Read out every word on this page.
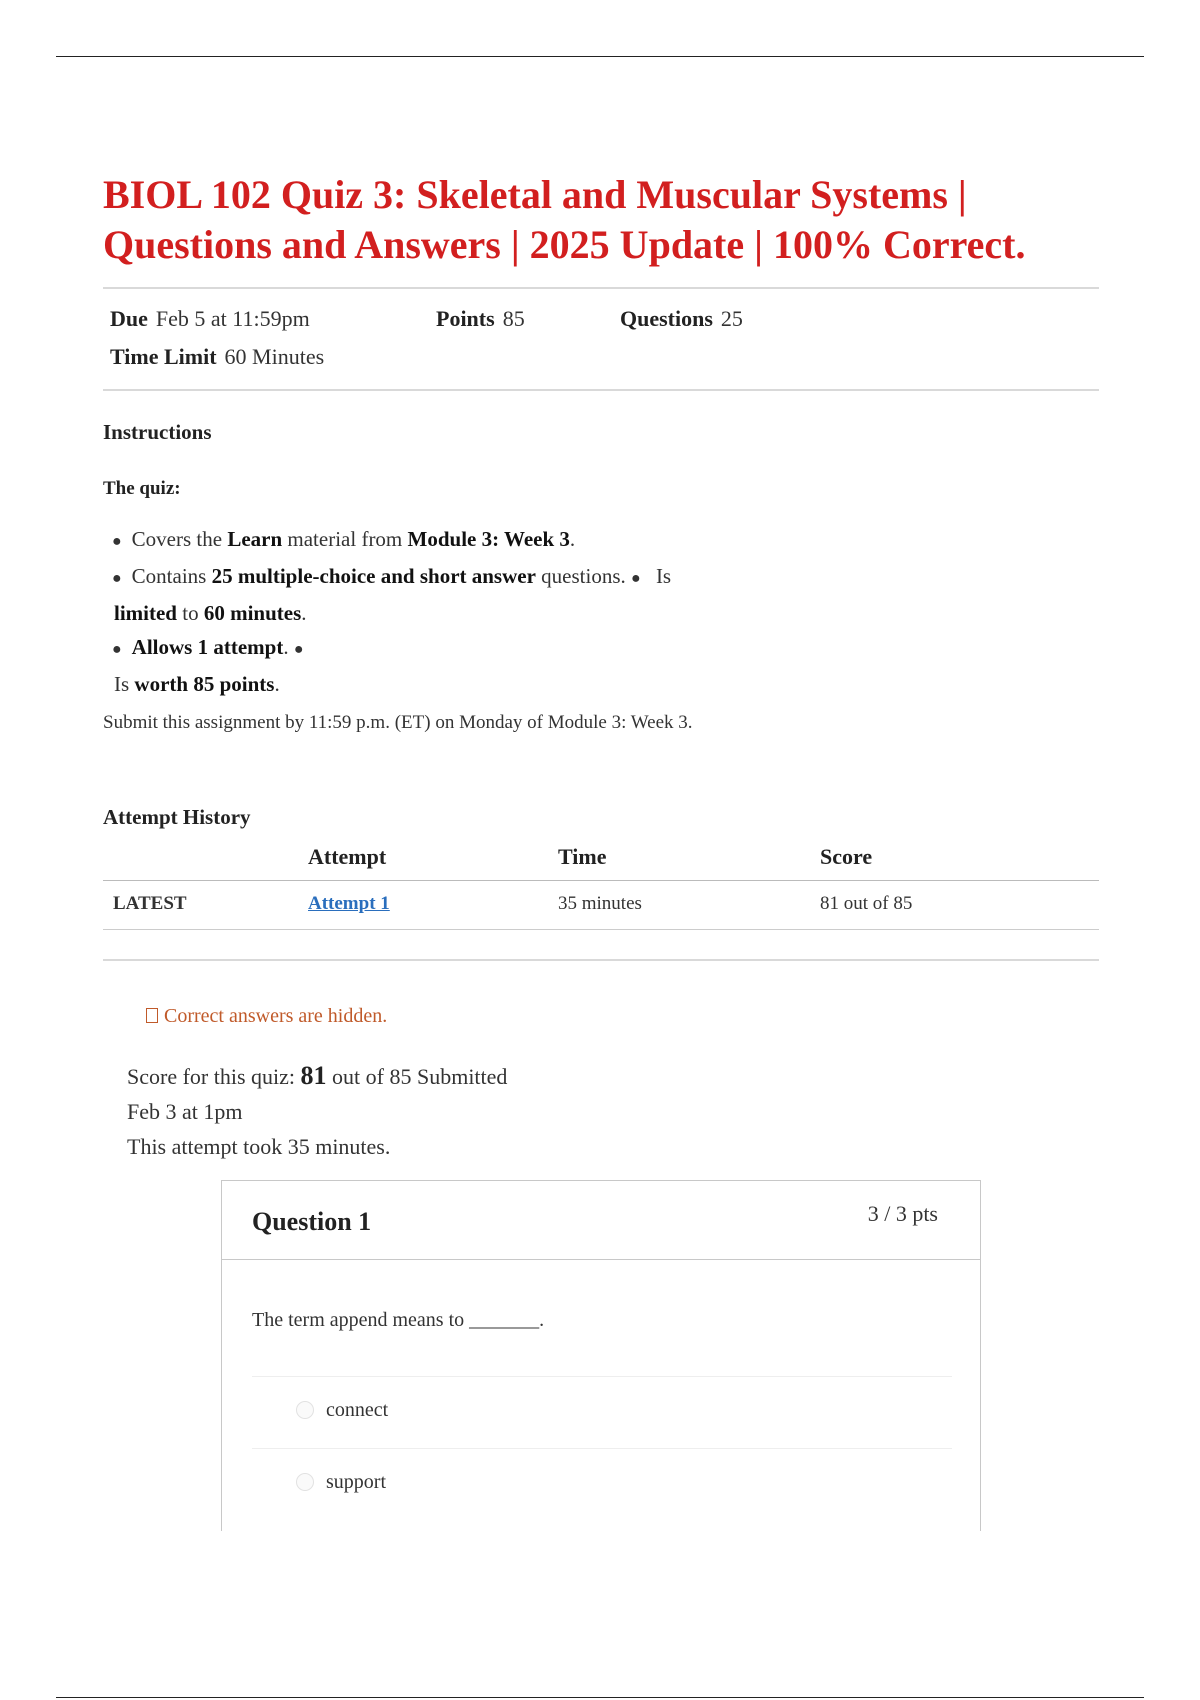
BIOL 102 Quiz 3: Skeletal and Muscular Systems | Questions and Answers | 2025 Update | 100% Correct.
Due Feb 5 at 11:59pm	Points 85	Questions 25
Time Limit 60 Minutes
Instructions

The quiz:

● Covers the Learn material from Module 3: Week 3.
● Contains 25 multiple-choice and short answer questions. ● Is
limited to 60 minutes.
● Allows 1 attempt. ●
Is worth 85 points.

Submit this assignment by 11:59 p.m. (ET) on Monday of Module 3: Week 3.

Attempt History
	Attempt	Time	Score
LATEST	Attempt 1	35 minutes	81 out of 85
Correct answers are hidden.
Score for this quiz: 81 out of 85 Submitted
Feb 3 at 1pm
This attempt took 35 minutes.
Question 1	3 / 3 pts
The term append means to _______.
connect
support
